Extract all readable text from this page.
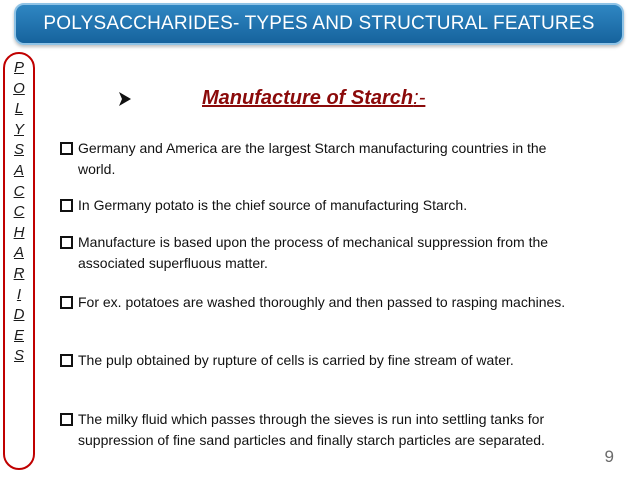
POLYSACCHARIDES- TYPES AND STRUCTURAL FEATURES
P
O
L
Y
S
A
C
C
H
A
R
I
D
E
S
Manufacture of Starch:-
Germany and America are the largest Starch manufacturing countries in the world.
In Germany potato is the chief source of manufacturing Starch.
Manufacture is based upon the process of mechanical suppression from the associated superfluous matter.
For ex. potatoes are washed thoroughly and then passed to rasping machines.
The pulp obtained by rupture of cells is carried by fine stream of water.
The milky fluid which passes through the sieves is run into settling tanks for suppression of fine sand particles and finally starch particles are separated.
9
